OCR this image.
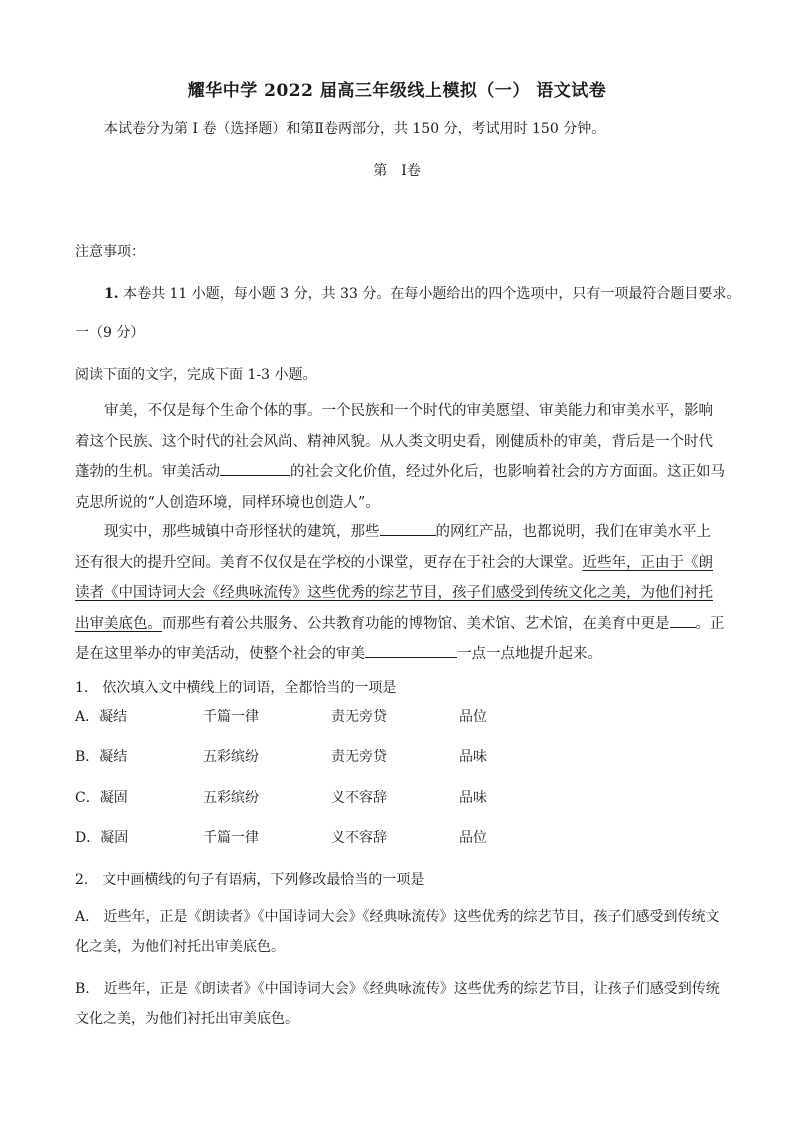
耀华中学 2022 届高三年级线上模拟（一） 语文试卷
本试卷分为第 Ⅰ 卷（选择题）和第Ⅱ卷两部分，共 150 分，考试用时 150 分钟。
第　Ⅰ卷
注意事项：
1. 本卷共 11 小题，每小题 3 分，共 33 分。在每小题给出的四个选项中，只有一项最符合题目要求。
一（9 分）
阅读下面的文字，完成下面 1-3 小题。
审美，不仅是每个生命个体的事。一个民族和一个时代的审美愿望、审美能力和审美水平，影响着这个民族、这个时代的社会风尚、精神风貌。从人类文明史看，刚健质朴的审美，背后是一个时代蓬勃的生机。审美活动	的社会文化价值，经过外化后，也影响着社会的方方面面。这正如马克思所说的“人创造环境，同样环境也创造人”。
现实中，那些城镇中奇形怪状的建筑，那些	的网红产品，也都说明，我们在审美水平上还有很大的提升空间。美育不仅仅是在学校的小课堂，更存在于社会的大课堂。近些年，正由于《朗读者《中国诗词大会《经典咏流传》这些优秀的综艺节目，孩子们感受到传统文化之美，为他们衬托出审美底色。而那些有着公共服务、公共教育功能的博物馆、美术馆、艺术馆，在美育中更是 。正是在这里举办的审美活动，使整个社会的审美	一点一点地提升起来。
1.　依次填入文中横线上的词语，全都恰当的一项是
A．凝结	千篇一律	责无旁贷	品位
B．凝结	五彩缤纷	责无旁贷	品味
C．凝固	五彩缤纷	义不容辞	品味
D．凝固	千篇一律	义不容辞	品位
2.　文中画横线的句子有语病，下列修改最恰当的一项是
A.　近些年，正是《朗读者》《中国诗词大会》《经典咏流传》这些优秀的综艺节目，孩子们感受到传统文化之美，为他们衬托出审美底色。
B.　近些年，正是《朗读者》《中国诗词大会》《经典咏流传》这些优秀的综艺节目，让孩子们感受到传统文化之美，为他们衬托出审美底色。
